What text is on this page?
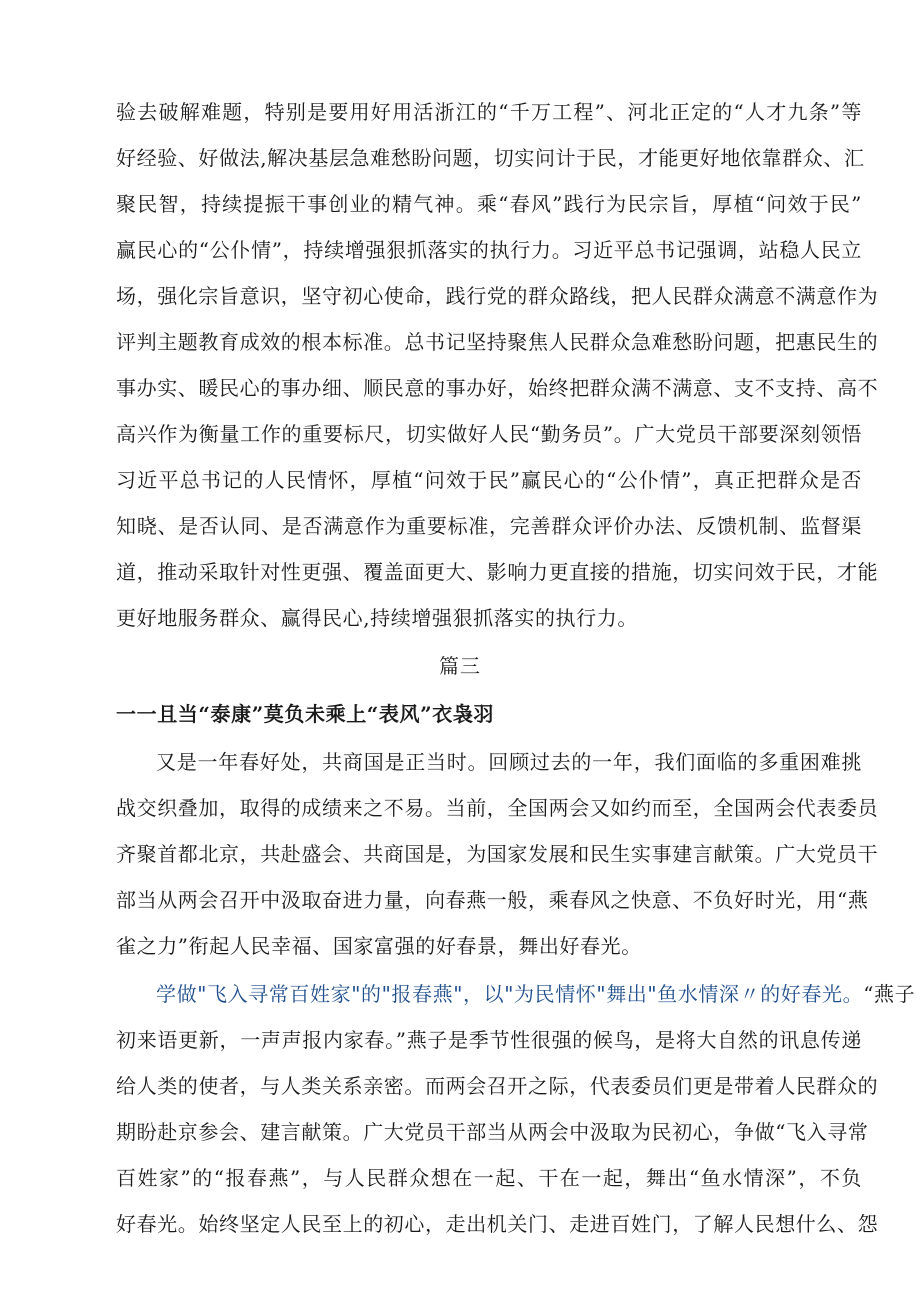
验去破解难题，特别是要用好用活浙江的“千万工程”、河北正定的“人才九条”等
好经验、好做法,解决基层急难愁盼问题，切实问计于民，才能更好地依靠群众、汇
聚民智，持续提振干事创业的精气神。乘“春风”践行为民宗旨，厚植“问效于民”
赢民心的“公仆情”，持续增强狠抓落实的执行力。习近平总书记强调，站稳人民立
场，强化宗旨意识，坚守初心使命，践行党的群众路线，把人民群众满意不满意作为
评判主题教育成效的根本标准。总书记坚持聚焦人民群众急难愁盼问题，把惠民生的
事办实、暖民心的事办细、顺民意的事办好，始终把群众满不满意、支不支持、高不
高兴作为衡量工作的重要标尺，切实做好人民“勤务员”。广大党员干部要深刻领悟
习近平总书记的人民情怀，厚植“问效于民”赢民心的“公仆情”，真正把群众是否
知晓、是否认同、是否满意作为重要标准，完善群众评价办法、反馈机制、监督渠
道，推动采取针对性更强、覆盖面更大、影响力更直接的措施，切实问效于民，才能
更好地服务群众、赢得民心,持续增强狠抓落实的执行力。
篇三
一一且当“泰康”莫负未乘上“表风”衣袅羽
又是一年春好处，共商国是正当时。回顾过去的一年，我们面临的多重困难挑
战交织叠加，取得的成绩来之不易。当前，全国两会又如约而至，全国两会代表委员
齐聚首都北京，共赴盛会、共商国是，为国家发展和民生实事建言献策。广大党员干
部当从两会召开中汲取奋进力量，向春燕一般，乘春风之快意、不负好时光，用“燕
雀之力”衔起人民幸福、国家富强的好春景，舞出好春光。
学做"飞入寻常百姓家"的"报春燕"，以"为民情怀"舞出"鱼水情深〃的好春光。“燕子
初来语更新，一声声报内家春。”燕子是季节性很强的候鸟，是将大自然的讯息传递
给人类的使者，与人类关系亲密。而两会召开之际，代表委员们更是带着人民群众的
期盼赴京参会、建言献策。广大党员干部当从两会中汲取为民初心，争做“飞入寻常
百姓家”的“报春燕”，与人民群众想在一起、干在一起，舞出“鱼水情深”，不负
好春光。始终坚定人民至上的初心，走出机关门、走进百姓门，了解人民想什么、怨
